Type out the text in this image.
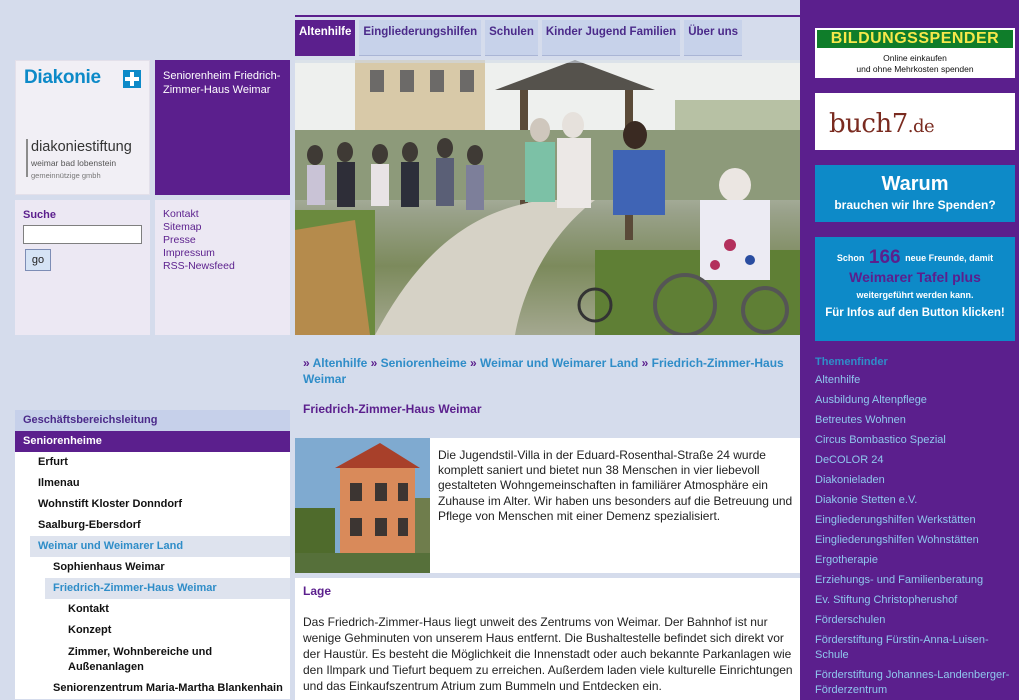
Altenhilfe	Eingliederungshilfen	Schulen	Kinder Jugend Familien	Über uns
Diakonie
diakoniestiftung
weimar bad lobenstein
gemeinnützige gmbh
Seniorenheim Friedrich-Zimmer-Haus Weimar
Suche
go
Kontakt
Sitemap
Presse
Impressum
RSS-Newsfeed
Geschäftsbereichsleitung
Seniorenheime
Erfurt
Ilmenau
Wohnstift Kloster Donndorf
Saalburg-Ebersdorf
Weimar und Weimarer Land
Sophienhaus Weimar
Friedrich-Zimmer-Haus Weimar
Kontakt
Konzept
Zimmer, Wohnbereiche und Außenanlagen
Seniorenzentrum Maria-Martha Blankenhain
» Altenhilfe » Seniorenheime » Weimar und Weimarer Land » Friedrich-Zimmer-Haus Weimar
Friedrich-Zimmer-Haus Weimar
Die Jugendstil-Villa in der Eduard-Rosenthal-Straße 24 wurde komplett saniert und bietet nun 38 Menschen in vier liebevoll gestalteten Wohngemeinschaften in familiärer Atmosphäre ein Zuhause im Alter. Wir haben uns besonders auf die Betreuung und Pflege von Menschen mit einer Demenz spezialisiert.
Lage
Das Friedrich-Zimmer-Haus liegt unweit des Zentrums von Weimar. Der Bahnhof ist nur wenige Gehminuten von unserem Haus entfernt. Die Bushaltestelle befindet sich direkt vor der Haustür. Es besteht die Möglichkeit die Innenstadt oder auch bekannte Parkanlagen wie den Ilmpark und Tiefurt bequem zu erreichen. Außerdem laden viele kulturelle Einrichtungen und das Einkaufszentrum Atrium zum Bummeln und Entdecken ein.
BILDUNGSSPENDER
Online einkaufen
und ohne Mehrkosten spenden
buch7.de
Warum
brauchen wir Ihre Spenden?
Schon 166 neue Freunde, damit
Weimarer Tafel plus
weitergeführt werden kann.
Für Infos auf den Button klicken!
Themenfinder
Altenhilfe
Ausbildung Altenpflege
Betreutes Wohnen
Circus Bombastico Spezial
DeCOLOR 24
Diakonieladen
Diakonie Stetten e.V.
Eingliederungshilfen Werkstätten
Eingliederungshilfen Wohnstätten
Ergotherapie
Erziehungs- und Familienberatung
Ev. Stiftung Christopherushof
Förderschulen
Förderstiftung Fürstin-Anna-Luisen-Schule
Förderstiftung Johannes-Landenberger-Förderzentrum
